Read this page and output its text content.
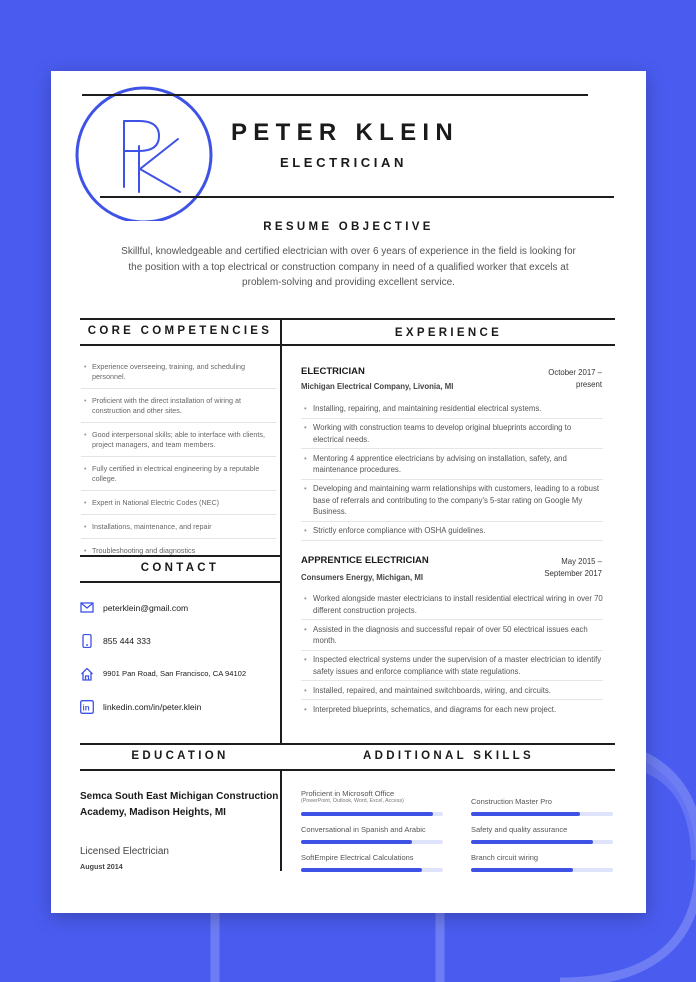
PETER KLEIN
ELECTRICIAN
RESUME OBJECTIVE
Skillful, knowledgeable and certified electrician with over 6 years of experience in the field is looking for the position with a top electrical or construction company in need of a qualified worker that excels at problem-solving and providing excellent service.
CORE COMPETENCIES
• Experience overseeing, training, and scheduling personnel.
• Proficient with the direct installation of wiring at construction and other sites.
• Good interpersonal skills; able to interface with clients, project managers, and team members.
• Fully certified in electrical engineering by a reputable college.
• Expert in National Electric Codes (NEC)
• Installations, maintenance, and repair
• Troubleshooting and diagnostics
CONTACT
peterklein@gmail.com
855 444 333
9901 Pan Road, San Francisco, CA 94102
in linkedin.com/in/peter.klein
EXPERIENCE
ELECTRICIAN
Michigan Electrical Company, Livonia, MI
October 2017 –
present
• Installing, repairing, and maintaining residential electrical systems.
• Working with construction teams to develop original blueprints according to electrical needs.
• Mentoring 4 apprentice electricians by advising on installation, safety, and maintenance procedures.
• Developing and maintaining warm relationships with customers, leading to a robust base of referrals and contributing to the company's 5-star rating on Google My Business.
• Strictly enforce compliance with OSHA guidelines.
APPRENTICE ELECTRICIAN
Consumers Energy, Michigan, MI
May 2015 –
September 2017
• Worked alongside master electricians to install residential electrical wiring in over 70 different construction projects.
• Assisted in the diagnosis and successful repair of over 50 electrical issues each month.
• Inspected electrical systems under the supervision of a master electrician to identify safety issues and enforce compliance with state regulations.
• Installed, repaired, and maintained switchboards, wiring, and circuits.
• Interpreted blueprints, schematics, and diagrams for each new project.
EDUCATION
Semca South East Michigan Construction Academy, Madison Heights, MI
Licensed Electrician
August 2014
ADDITIONAL SKILLS
Proficient in Microsoft Office
(PowerPoint, Outlook, Word, Excel, Access)	Construction Master Pro
Conversational in Spanish and Arabic	Safety and quality assurance
SoftEmpire Electrical Calculations	Branch circuit wiring
